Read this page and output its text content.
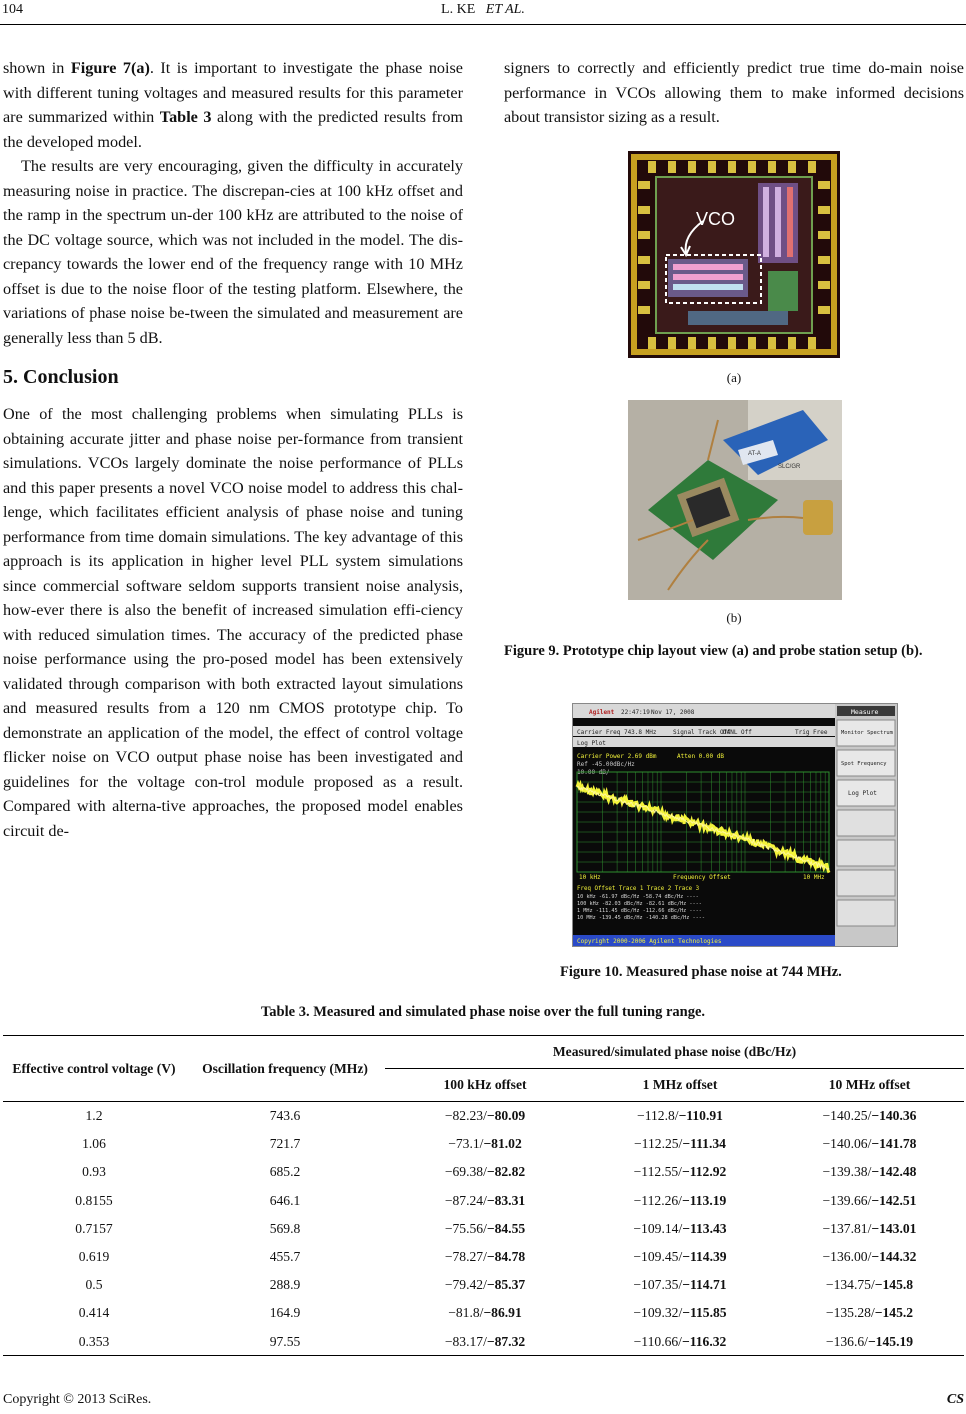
104	L. KE ET AL.

shown in Figure 7(a). It is important to investigate the phase noise with different tuning voltages and measured results for this parameter are summarized within Table 3 along with the predicted results from the developed model.

The results are very encouraging, given the difficulty in accurately measuring noise in practice. The discrepan-cies at 100 kHz offset and the ramp in the spectrum un-der 100 kHz are attributed to the noise of the DC voltage source, which was not included in the model. The dis-crepancy towards the lower end of the frequency range with 10 MHz offset is due to the noise floor of the testing platform. Elsewhere, the variations of phase noise be-tween the simulated and measurement are generally less than 5 dB.

5. Conclusion

One of the most challenging problems when simulating PLLs is obtaining accurate jitter and phase noise per-formance from transient simulations. VCOs largely dominate the noise performance of PLLs and this paper presents a novel VCO noise model to address this chal-lenge, which facilitates efficient analysis of phase noise and tuning performance from time domain simulations. The key advantage of this approach is its application in higher level PLL system simulations since commercial software seldom supports transient noise analysis, how-ever there is also the benefit of increased simulation effi-ciency with reduced simulation times. The accuracy of the predicted phase noise performance using the pro-posed model has been extensively validated through comparison with both extracted layout simulations and measured results from a 120 nm CMOS prototype chip. To demonstrate an application of the model, the effect of control voltage flicker noise on VCO output phase noise has been investigated and guidelines for the voltage con-trol module proposed as a result. Compared with alterna-tive approaches, the proposed model enables circuit de-

signers to correctly and efficiently predict true time do-main noise performance in VCOs allowing them to make informed decisions about transistor sizing as a result.

VCO
(a)
AT-A
SLC/GR
(b)
Figure 9. Prototype chip layout view (a) and probe station setup (b).
Agilent 22:47:19 Nov 17, 2008
Carrier Freq 743.8 MHz	Signal Track Off
DANL Off	Trig Free
Log Plot
Carrier Power 2.69 dBm	Atten 0.00 dB
Ref -45.00dBc/Hz
10.00 dB/
10 kHz	Frequency Offset	10 MHz
Freq Offset Trace 1 Trace 2 Trace 3
10 kHz -61.97 dBc/Hz -58.74 dBc/Hz ----
100 kHz -82.03 dBc/Hz -82.61 dBc/Hz ----
1 MHz -111.45 dBc/Hz -112.66 dBc/Hz ----
10 MHz -139.45 dBc/Hz -140.28 dBc/Hz ----
Copyright 2000-2006 Agilent Technologies
Measure
Monitor Spectrum
Spot Frequency
Log Plot
Figure 10. Measured phase noise at 744 MHz.
Table 3. Measured and simulated phase noise over the full tuning range.
Effective control voltage (V)	Oscillation frequency (MHz)	Measured/simulated phase noise (dBc/Hz)		
		100 kHz offset	1 MHz offset	10 MHz offset
1.2	743.6	−82.23/−80.09	−112.8/−110.91	−140.25/−140.36
1.06	721.7	−73.1/−81.02	−112.25/−111.34	−140.06/−141.78
0.93	685.2	−69.38/−82.82	−112.55/−112.92	−139.38/−142.48
0.8155	646.1	−87.24/−83.31	−112.26/−113.19	−139.66/−142.51
0.7157	569.8	−75.56/−84.55	−109.14/−113.43	−137.81/−143.01
0.619	455.7	−78.27/−84.78	−109.45/−114.39	−136.00/−144.32
0.5	288.9	−79.42/−85.37	−107.35/−114.71	−134.75/−145.8
0.414	164.9	−81.8/−86.91	−109.32/−115.85	−135.28/−145.2
0.353	97.55	−83.17/−87.32	−110.66/−116.32	−136.6/−145.19
Copyright © 2013 SciRes.	CS
